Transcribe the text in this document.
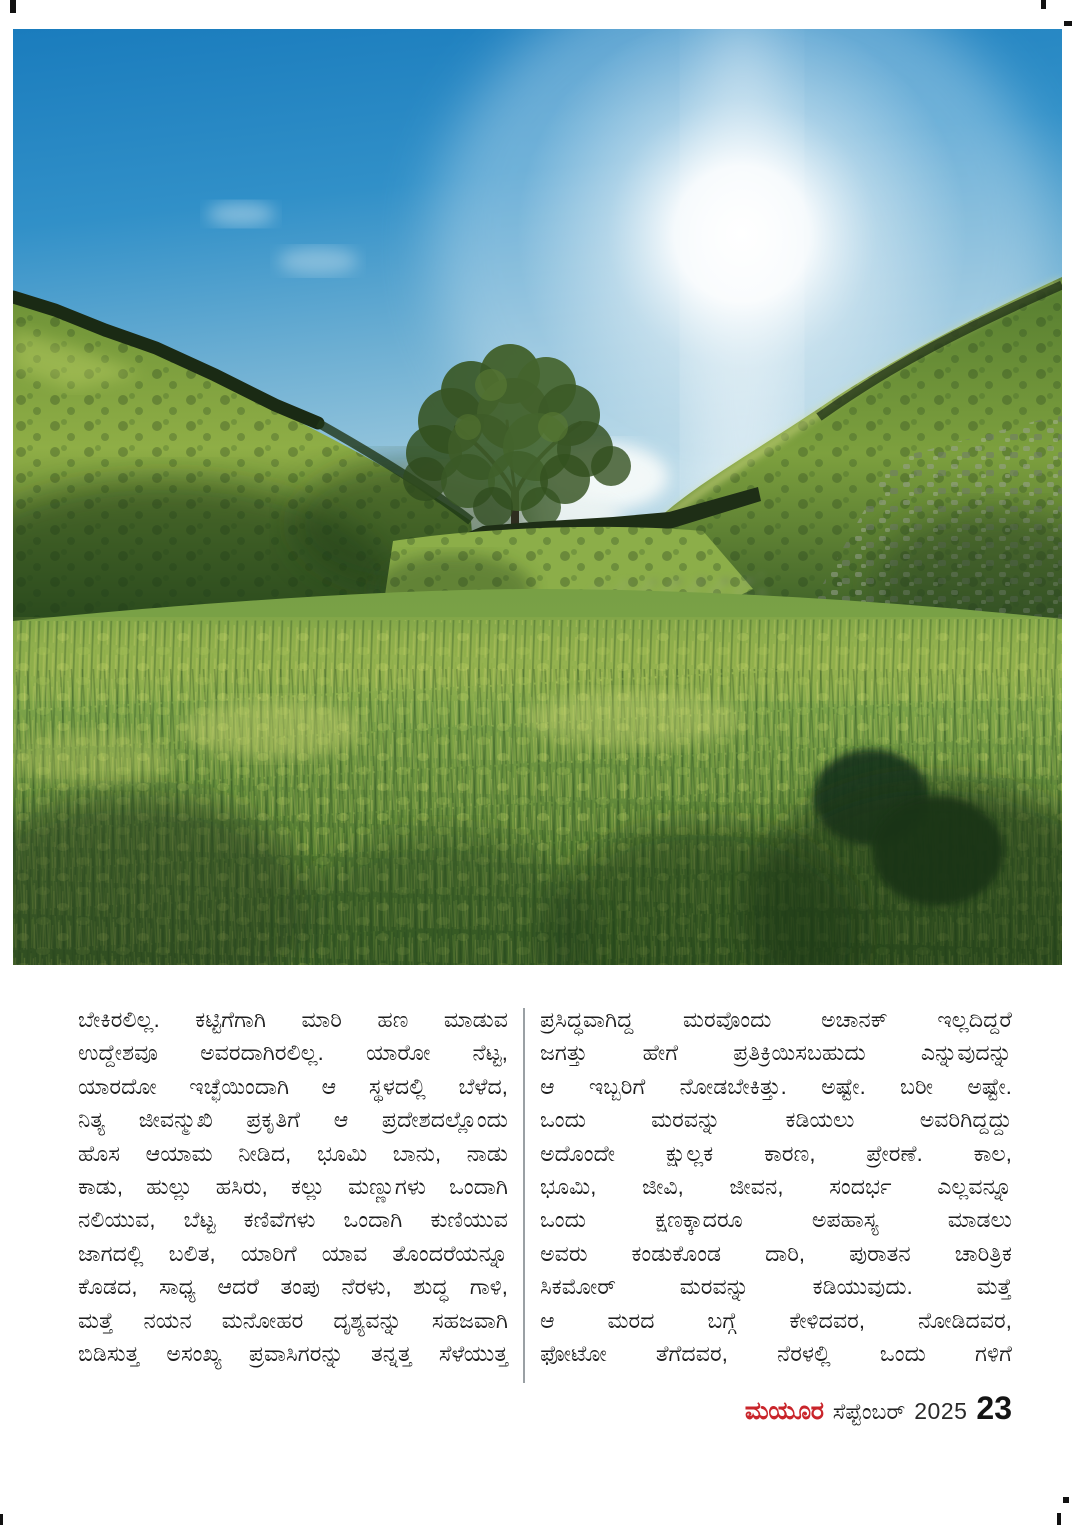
ಬೇಕಿರಲಿಲ್ಲ. ಕಟ್ಟಿಗೆಗಾಗಿ ಮಾರಿ ಹಣ ಮಾಡುವ

ಉದ್ದೇಶವೂ ಅವರದಾಗಿರಲಿಲ್ಲ. ಯಾರೋ ನೆಟ್ಟ,

ಯಾರದೋ ಇಚ್ಛೆಯಿಂದಾಗಿ ಆ ಸ್ಥಳದಲ್ಲಿ ಬೆಳೆದ,

ನಿತ್ಯ ಜೀವನ್ಮುಖಿ ಪ್ರಕೃತಿಗೆ ಆ ಪ್ರದೇಶದಲ್ಲೊಂದು

ಹೊಸ ಆಯಾಮ ನೀಡಿದ, ಭೂಮಿ ಬಾನು, ನಾಡು

ಕಾಡು, ಹುಲ್ಲು ಹಸಿರು, ಕಲ್ಲು ಮಣ್ಣುಗಳು ಒಂದಾಗಿ

ನಲಿಯುವ, ಬೆಟ್ಟ ಕಣಿವೆಗಳು ಒಂದಾಗಿ ಕುಣಿಯುವ

ಜಾಗದಲ್ಲಿ ಬಲಿತ, ಯಾರಿಗೆ ಯಾವ ತೊಂದರೆಯನ್ನೂ

ಕೊಡದ, ಸಾಧ್ಯ ಆದರೆ ತಂಪು ನೆರಳು, ಶುದ್ಧ ಗಾಳಿ,

ಮತ್ತೆ ನಯನ ಮನೋಹರ ದೃಶ್ಯವನ್ನು ಸಹಜವಾಗಿ

ಬಿಡಿಸುತ್ತ ಅಸಂಖ್ಯ ಪ್ರವಾಸಿಗರನ್ನು ತನ್ನತ್ತ ಸೆಳೆಯುತ್ತ

ಪ್ರಸಿದ್ಧವಾಗಿದ್ದ ಮರವೊಂದು ಅಚಾನಕ್ ಇಲ್ಲದಿದ್ದರೆ

ಜಗತ್ತು ಹೇಗೆ ಪ್ರತಿಕ್ರಿಯಿಸಬಹುದು ಎನ್ನುವುದನ್ನು

ಆ ಇಬ್ಬರಿಗೆ ನೋಡಬೇಕಿತ್ತು. ಅಷ್ಟೇ. ಬರೀ ಅಷ್ಟೇ.

ಒಂದು ಮರವನ್ನು ಕಡಿಯಲು ಅವರಿಗಿದ್ದದ್ದು

ಅದೊಂದೇ ಕ್ಷುಲ್ಲಕ ಕಾರಣ, ಪ್ರೇರಣೆ. ಕಾಲ,

ಭೂಮಿ, ಜೀವಿ, ಜೀವನ, ಸಂದರ್ಭ ಎಲ್ಲವನ್ನೂ

ಒಂದು ಕ್ಷಣಕ್ಕಾದರೂ ಅಪಹಾಸ್ಯ ಮಾಡಲು

ಅವರು ಕಂಡುಕೊಂಡ ದಾರಿ, ಪುರಾತನ ಚಾರಿತ್ರಿಕ

ಸಿಕಮೋರ್ ಮರವನ್ನು ಕಡಿಯುವುದು. ಮತ್ತೆ

ಆ ಮರದ ಬಗ್ಗೆ ಕೇಳಿದವರ, ನೋಡಿದವರ,

ಫೋಟೋ ತೆಗೆದವರ, ನೆರಳಲ್ಲಿ ಒಂದು ಗಳಿಗೆ

ಮಯೂರ ಸೆಪ್ಟೆಂಬರ್ 2025 23
